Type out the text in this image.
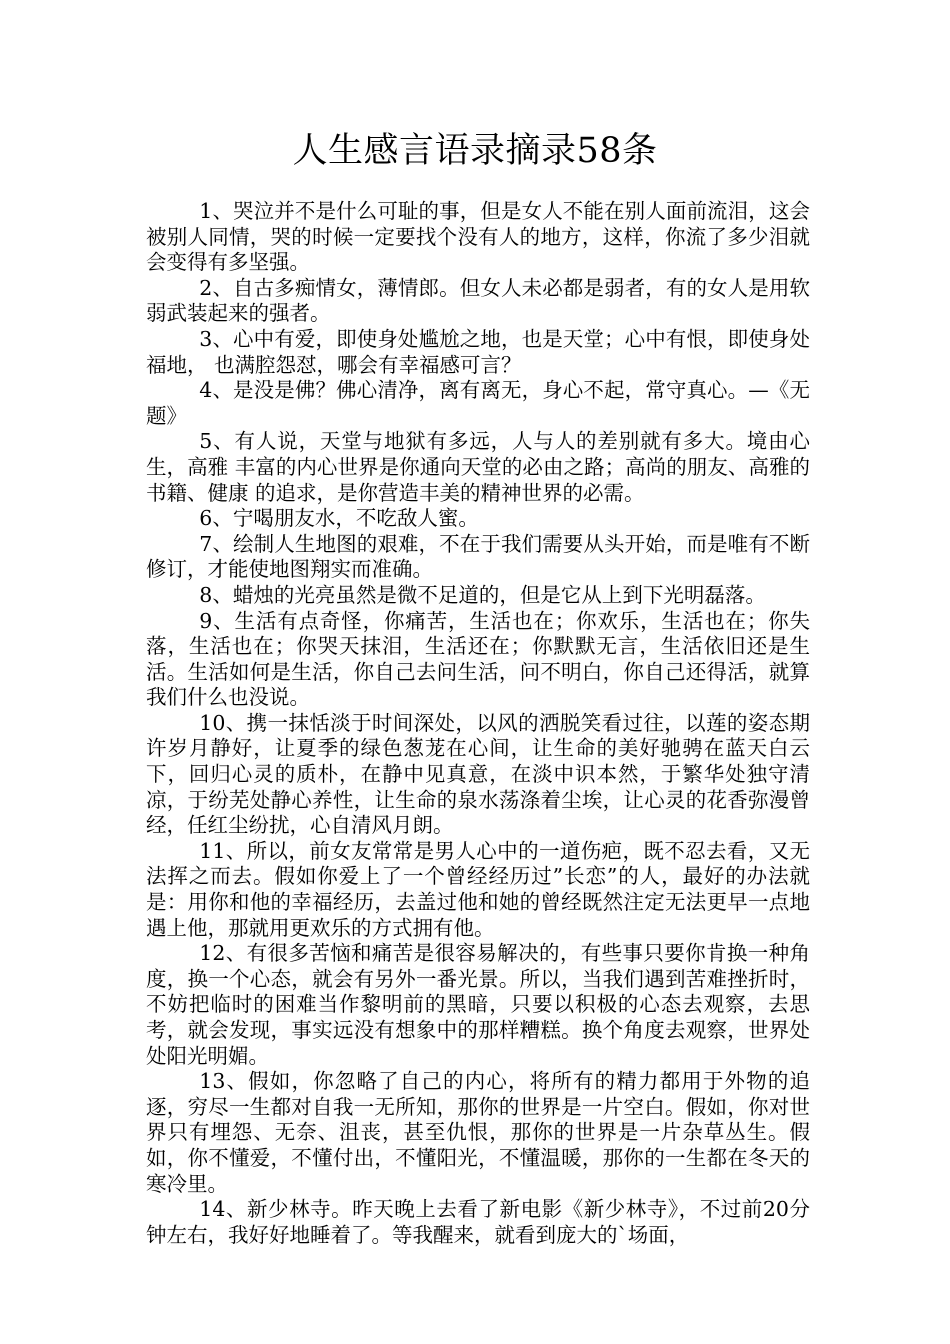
人生感言语录摘录58条

1、哭泣并不是什么可耻的事，但是女人不能在别人面前流泪，这会被别人同情，哭的时候一定要找个没有人的地方，这样，你流了多少泪就会变得有多坚强。

2、自古多痴情女，薄情郎。但女人未必都是弱者，有的女人是用软弱武装起来的强者。

3、心中有爱，即使身处尴尬之地，也是天堂；心中有恨，即使身处福地， 也满腔怨怼，哪会有幸福感可言？

4、是没是佛？佛心清净，离有离无，身心不起，常守真心。—《无题》

5、有人说，天堂与地狱有多远，人与人的差别就有多大。境由心生，高雅 丰富的内心世界是你通向天堂的必由之路；高尚的朋友、高雅的书籍、健康 的追求，是你营造丰美的精神世界的必需。

6、宁喝朋友水，不吃敌人蜜。

7、绘制人生地图的艰难，不在于我们需要从头开始，而是唯有不断修订，才能使地图翔实而准确。

8、蜡烛的光亮虽然是微不足道的，但是它从上到下光明磊落。

9、生活有点奇怪，你痛苦，生活也在；你欢乐，生活也在；你失落，生活也在；你哭天抹泪，生活还在；你默默无言，生活依旧还是生活。生活如何是生活，你自己去问生活，问不明白，你自己还得活，就算我们什么也没说。

10、携一抹恬淡于时间深处，以风的洒脱笑看过往，以莲的姿态期许岁月静好，让夏季的绿色葱茏在心间，让生命的美好驰骋在蓝天白云下，回归心灵的质朴，在静中见真意，在淡中识本然，于繁华处独守清凉，于纷芜处静心养性，让生命的泉水荡涤着尘埃，让心灵的花香弥漫曾经，任红尘纷扰，心自清风月朗。

11、所以，前女友常常是男人心中的一道伤疤，既不忍去看，又无法挥之而去。假如你爱上了一个曾经经历过”长恋”的人，最好的办法就是：用你和他的幸福经历，去盖过他和她的曾经既然注定无法更早一点地遇上他，那就用更欢乐的方式拥有他。

12、有很多苦恼和痛苦是很容易解决的，有些事只要你肯换一种角度，换一个心态，就会有另外一番光景。所以，当我们遇到苦难挫折时，不妨把临时的困难当作黎明前的黑暗，只要以积极的心态去观察，去思考，就会发现，事实远没有想象中的那样糟糕。换个角度去观察，世界处处阳光明媚。

13、假如，你忽略了自己的内心，将所有的精力都用于外物的追逐，穷尽一生都对自我一无所知，那你的世界是一片空白。假如，你对世界只有埋怨、无奈、沮丧，甚至仇恨，那你的世界是一片杂草丛生。假如，你不懂爱，不懂付出，不懂阳光，不懂温暖，那你的一生都在冬天的寒冷里。

14、新少林寺。昨天晚上去看了新电影《新少林寺》，不过前20分钟左右，我好好地睡着了。等我醒来，就看到庞大的`场面，
